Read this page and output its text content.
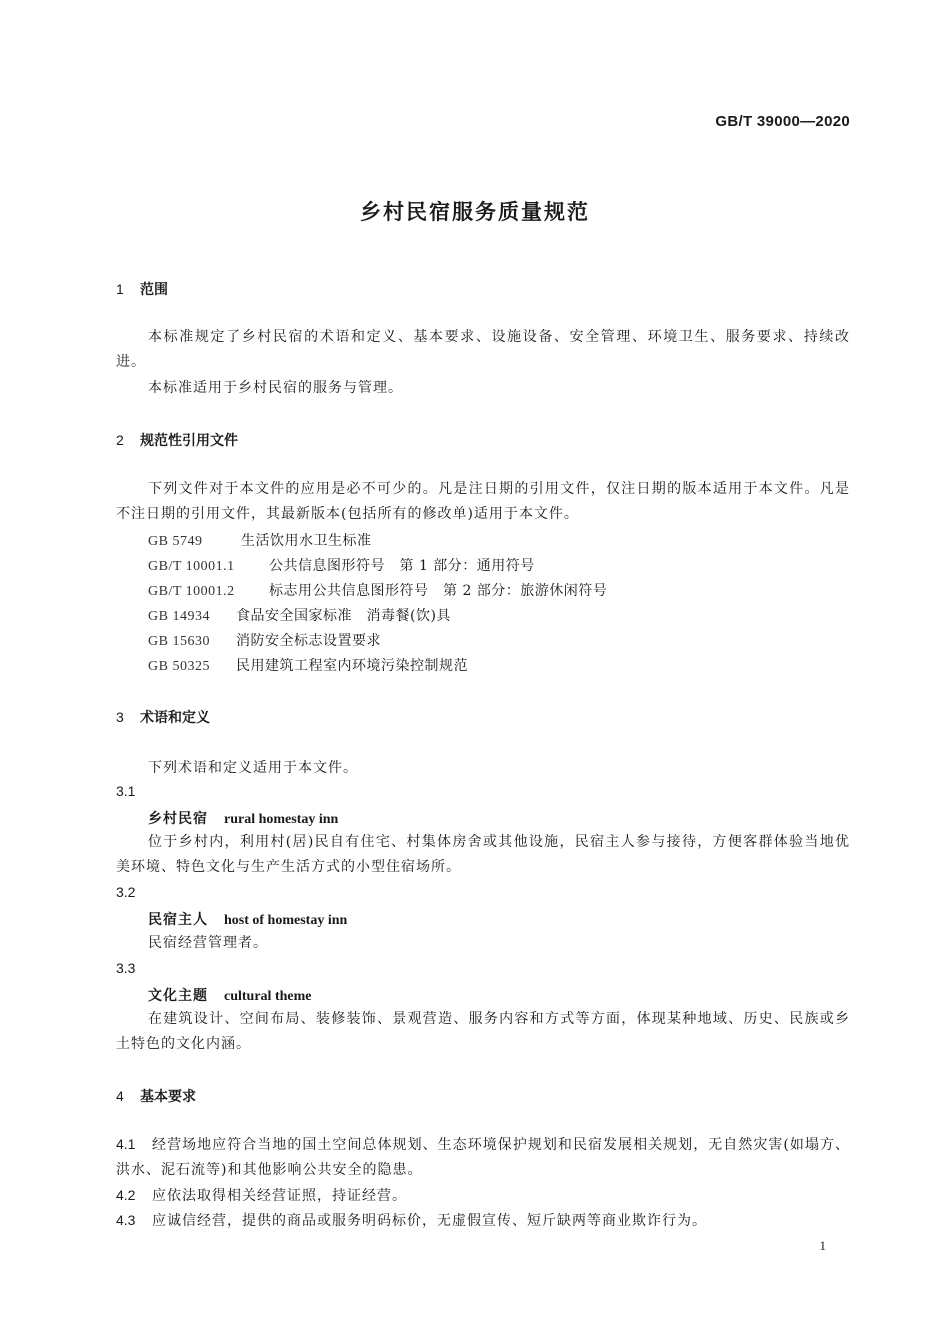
GB/T 39000—2020
乡村民宿服务质量规范
1 范围
本标准规定了乡村民宿的术语和定义、基本要求、设施设备、安全管理、环境卫生、服务要求、持续改进。
本标准适用于乡村民宿的服务与管理。
2 规范性引用文件
下列文件对于本文件的应用是必不可少的。凡是注日期的引用文件，仅注日期的版本适用于本文件。凡是不注日期的引用文件，其最新版本(包括所有的修改单)适用于本文件。
GB 5749	生活饮用水卫生标准
GB/T 10001.1 公共信息图形符号　第 1 部分：通用符号
GB/T 10001.2 标志用公共信息图形符号　第 2 部分：旅游休闲符号
GB 14934 食品安全国家标准　消毒餐(饮)具
GB 15630 消防安全标志设置要求
GB 50325 民用建筑工程室内环境污染控制规范
3 术语和定义
下列术语和定义适用于本文件。
3.1
乡村民宿 rural homestay inn
位于乡村内，利用村(居)民自有住宅、村集体房舍或其他设施，民宿主人参与接待，方便客群体验当地优美环境、特色文化与生产生活方式的小型住宿场所。
3.2
民宿主人 host of homestay inn
民宿经营管理者。
3.3
文化主题 cultural theme
在建筑设计、空间布局、装修装饰、景观营造、服务内容和方式等方面，体现某种地域、历史、民族或乡土特色的文化内涵。
4 基本要求
4.1 经营场地应符合当地的国土空间总体规划、生态环境保护规划和民宿发展相关规划，无自然灾害(如塌方、洪水、泥石流等)和其他影响公共安全的隐患。
4.2 应依法取得相关经营证照，持证经营。
4.3 应诚信经营，提供的商品或服务明码标价，无虚假宣传、短斤缺两等商业欺诈行为。
1
